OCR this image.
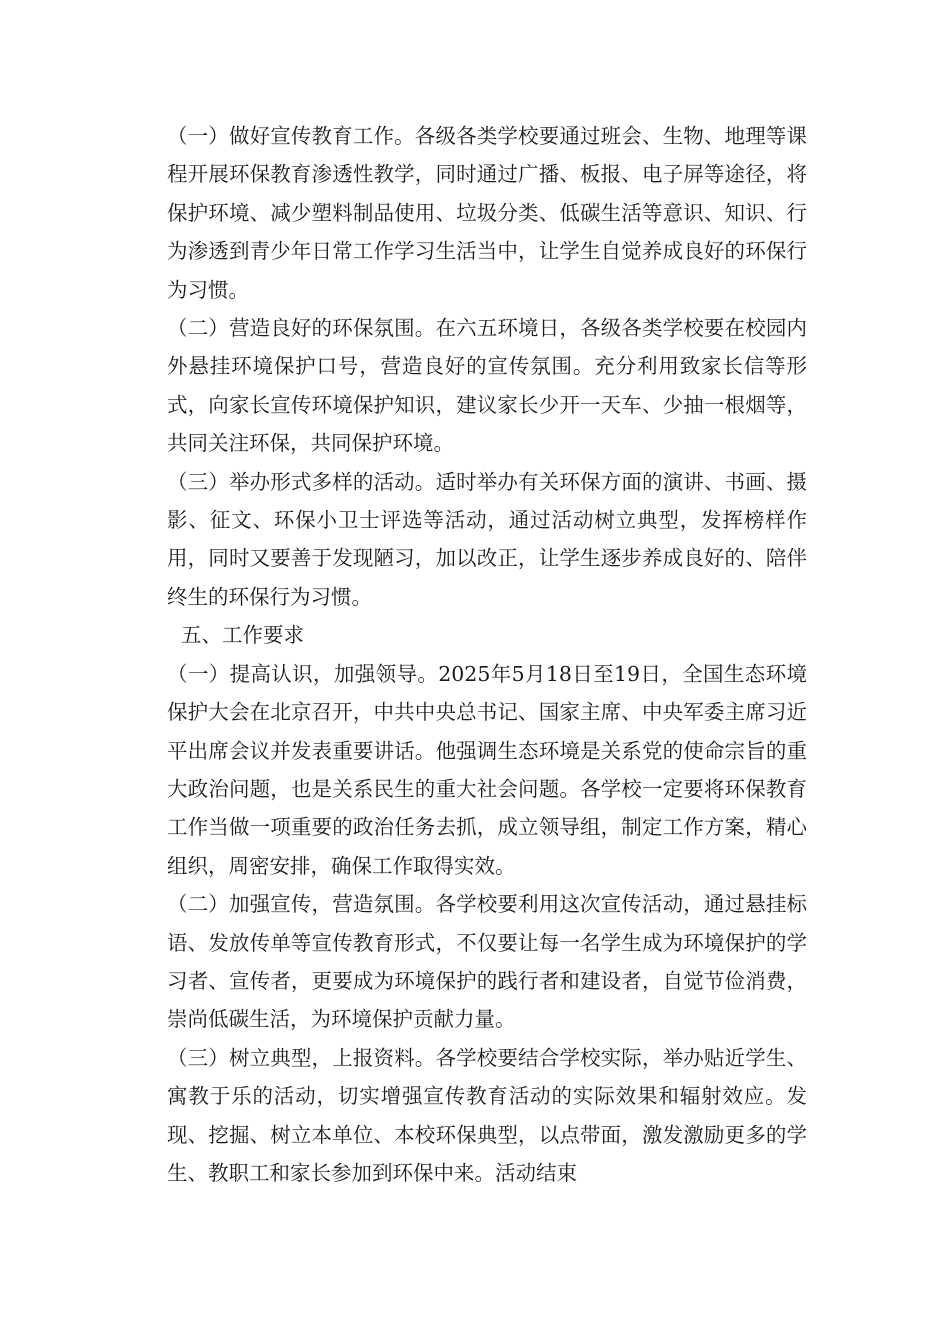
（一）做好宣传教育工作。各级各类学校要通过班会、生物、地理等课程开展环保教育渗透性教学，同时通过广播、板报、电子屏等途径，将保护环境、减少塑料制品使用、垃圾分类、低碳生活等意识、知识、行为渗透到青少年日常工作学习生活当中，让学生自觉养成良好的环保行为习惯。

（二）营造良好的环保氛围。在六五环境日，各级各类学校要在校园内外悬挂环境保护口号，营造良好的宣传氛围。充分利用致家长信等形式，向家长宣传环境保护知识，建议家长少开一天车、少抽一根烟等，共同关注环保，共同保护环境。

（三）举办形式多样的活动。适时举办有关环保方面的演讲、书画、摄影、征文、环保小卫士评选等活动，通过活动树立典型，发挥榜样作用，同时又要善于发现陋习，加以改正，让学生逐步养成良好的、陪伴终生的环保行为习惯。

五、工作要求

（一）提高认识，加强领导。2025年5月18日至19日，全国生态环境保护大会在北京召开，中共中央总书记、国家主席、中央军委主席习近平出席会议并发表重要讲话。他强调生态环境是关系党的使命宗旨的重大政治问题，也是关系民生的重大社会问题。各学校一定要将环保教育工作当做一项重要的政治任务去抓，成立领导组，制定工作方案，精心组织，周密安排，确保工作取得实效。

（二）加强宣传，营造氛围。各学校要利用这次宣传活动，通过悬挂标语、发放传单等宣传教育形式，不仅要让每一名学生成为环境保护的学习者、宣传者，更要成为环境保护的践行者和建设者，自觉节俭消费，崇尚低碳生活，为环境保护贡献力量。

（三）树立典型，上报资料。各学校要结合学校实际，举办贴近学生、寓教于乐的活动，切实增强宣传教育活动的实际效果和辐射效应。发现、挖掘、树立本单位、本校环保典型，以点带面，激发激励更多的学生、教职工和家长参加到环保中来。活动结束
